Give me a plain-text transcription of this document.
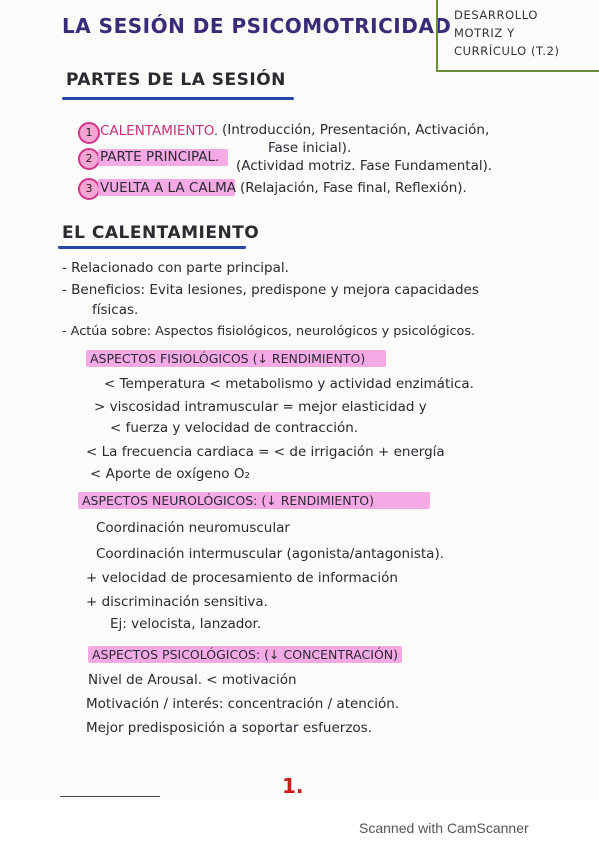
LA SESIÓN DE PSICOMOTRICIDAD DESARROLLO
MOTRIZ Y
CURRÍCULO (T.2)
PARTES DE LA SESIÓN
1 CALENTAMIENTO. (Introducción, Presentación, Activación,
Fase inicial).
2 PARTE PRINCIPAL.
(Actividad motriz. Fase Fundamental).
3 VUELTA A LA CALMA (Relajación, Fase final, Reflexión).
EL CALENTAMIENTO
- Relacionado con parte principal.
- Beneficios: Evita lesiones, predispone y mejora capacidades
físicas.
- Actúa sobre: Aspectos fisiológicos, neurológicos y psicológicos.
ASPECTOS FISIOLÓGICOS (↓ RENDIMIENTO)
< Temperatura < metabolismo y actividad enzimática.
> viscosidad intramuscular = mejor elasticidad y
< fuerza y velocidad de contracción.
< La frecuencia cardiaca = < de irrigación + energía
< Aporte de oxígeno O₂
ASPECTOS NEUROLÓGICOS: (↓ RENDIMIENTO)
Coordinación neuromuscular
Coordinación intermuscular (agonista/antagonista).
+ velocidad de procesamiento de información
+ discriminación sensitiva.
Ej: velocista, lanzador.
ASPECTOS PSICOLÓGICOS: (↓ CONCENTRACIÓN)
Nivel de Arousal. < motivación
Motivación / interés: concentración / atención.
Mejor predisposición a soportar esfuerzos.
1.
Scanned with CamScanner
